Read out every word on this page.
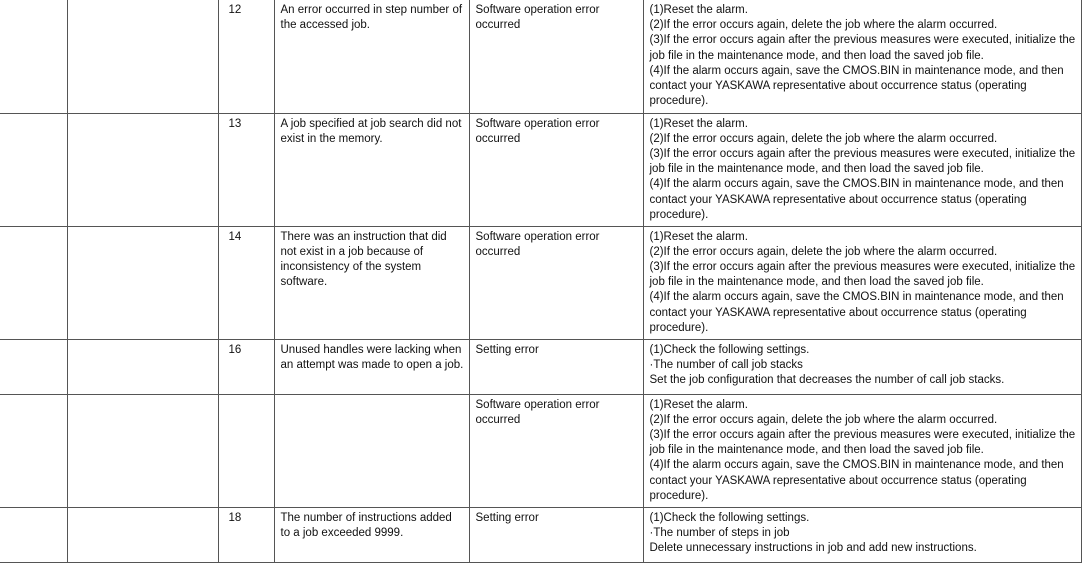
		12	An error occurred in step number of the accessed job.	Software operation error occurred	(1)Reset the alarm.
(2)If the error occurs again, delete the job where the alarm occurred.
(3)If the error occurs again after the previous measures were executed, initialize the job file in the maintenance mode, and then load the saved job file.
(4)If the alarm occurs again, save the CMOS.BIN in maintenance mode, and then contact your YASKAWA representative about occurrence status (operating procedure).
		13	A job specified at job search did not exist in the memory.	Software operation error occurred	(1)Reset the alarm.
(2)If the error occurs again, delete the job where the alarm occurred.
(3)If the error occurs again after the previous measures were executed, initialize the job file in the maintenance mode, and then load the saved job file.
(4)If the alarm occurs again, save the CMOS.BIN in maintenance mode, and then contact your YASKAWA representative about occurrence status (operating procedure).
		14	There was an instruction that did not exist in a job because of inconsistency of the system software.	Software operation error occurred	(1)Reset the alarm.
(2)If the error occurs again, delete the job where the alarm occurred.
(3)If the error occurs again after the previous measures were executed, initialize the job file in the maintenance mode, and then load the saved job file.
(4)If the alarm occurs again, save the CMOS.BIN in maintenance mode, and then contact your YASKAWA representative about occurrence status (operating procedure).
		16	Unused handles were lacking when an attempt was made to open a job.	Setting error	(1)Check the following settings.
·The number of call job stacks
Set the job configuration that decreases the number of call job stacks.
				Software operation error occurred	(1)Reset the alarm.
(2)If the error occurs again, delete the job where the alarm occurred.
(3)If the error occurs again after the previous measures were executed, initialize the job file in the maintenance mode, and then load the saved job file.
(4)If the alarm occurs again, save the CMOS.BIN in maintenance mode, and then contact your YASKAWA representative about occurrence status (operating procedure).
		18	The number of instructions added to a job exceeded 9999.	Setting error	(1)Check the following settings.
·The number of steps in job
Delete unnecessary instructions in job and add new instructions.
